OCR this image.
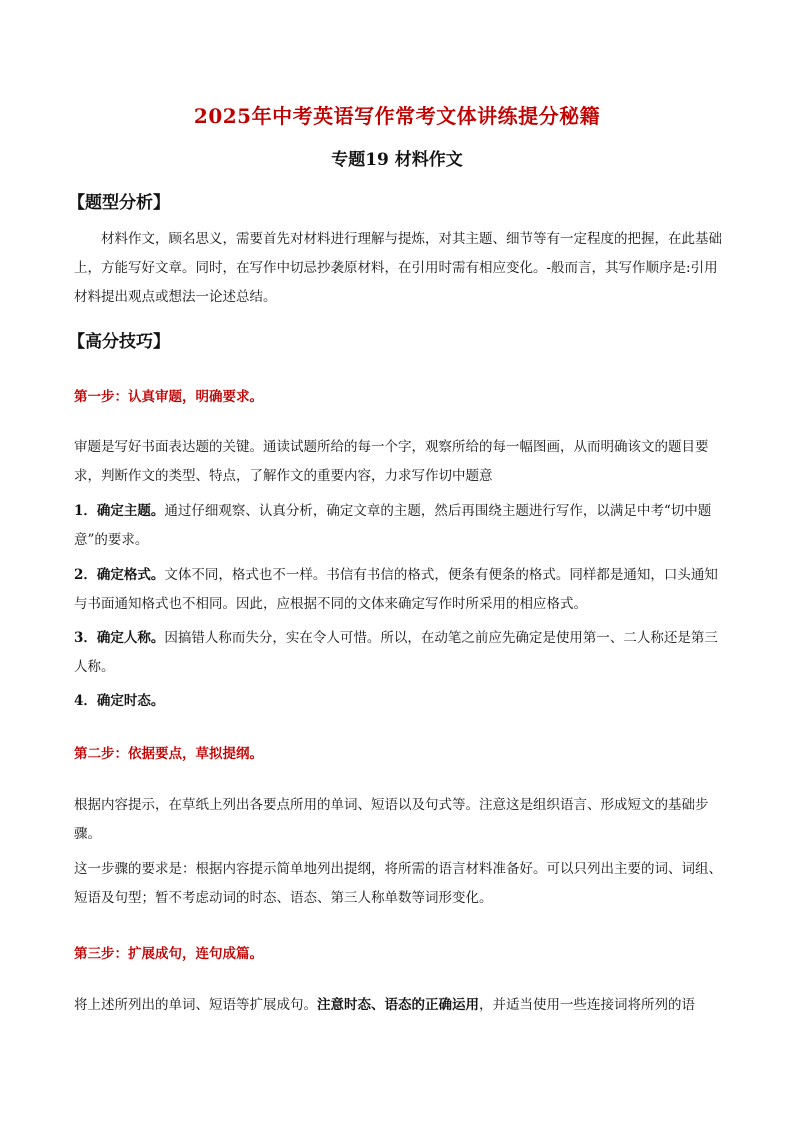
2025年中考英语写作常考文体讲练提分秘籍
专题19 材料作文
【题型分析】
材料作文，顾名思义，需要首先对材料进行理解与提炼，对其主题、细节等有一定程度的把握，在此基础上，方能写好文章。同时，在写作中切忌抄袭原材料，在引用时需有相应变化。-般而言，其写作顺序是:引用材料提出观点或想法一论述总结。
【高分技巧】
第一步：认真审题，明确要求。
审题是写好书面表达题的关键。通读试题所给的每一个字，观察所给的每一幅图画，从而明确该文的题目要求，判断作文的类型、特点，了解作文的重要内容，力求写作切中题意
1．确定主题。通过仔细观察、认真分析，确定文章的主题，然后再围绕主题进行写作，以满足中考“切中题意”的要求。
2．确定格式。文体不同，格式也不一样。书信有书信的格式，便条有便条的格式。同样都是通知，口头通知与书面通知格式也不相同。因此，应根据不同的文体来确定写作时所采用的相应格式。
3．确定人称。因搞错人称而失分，实在令人可惜。所以，在动笔之前应先确定是使用第一、二人称还是第三人称。
4．确定时态。
第二步：依据要点，草拟提纲。
根据内容提示，在草纸上列出各要点所用的单词、短语以及句式等。注意这是组织语言、形成短文的基础步骤。
这一步骤的要求是：根据内容提示简单地列出提纲，将所需的语言材料准备好。可以只列出主要的词、词组、短语及句型；暂不考虑动词的时态、语态、第三人称单数等词形变化。
第三步：扩展成句，连句成篇。
将上述所列出的单词、短语等扩展成句。注意时态、语态的正确运用，并适当使用一些连接词将所列的语
